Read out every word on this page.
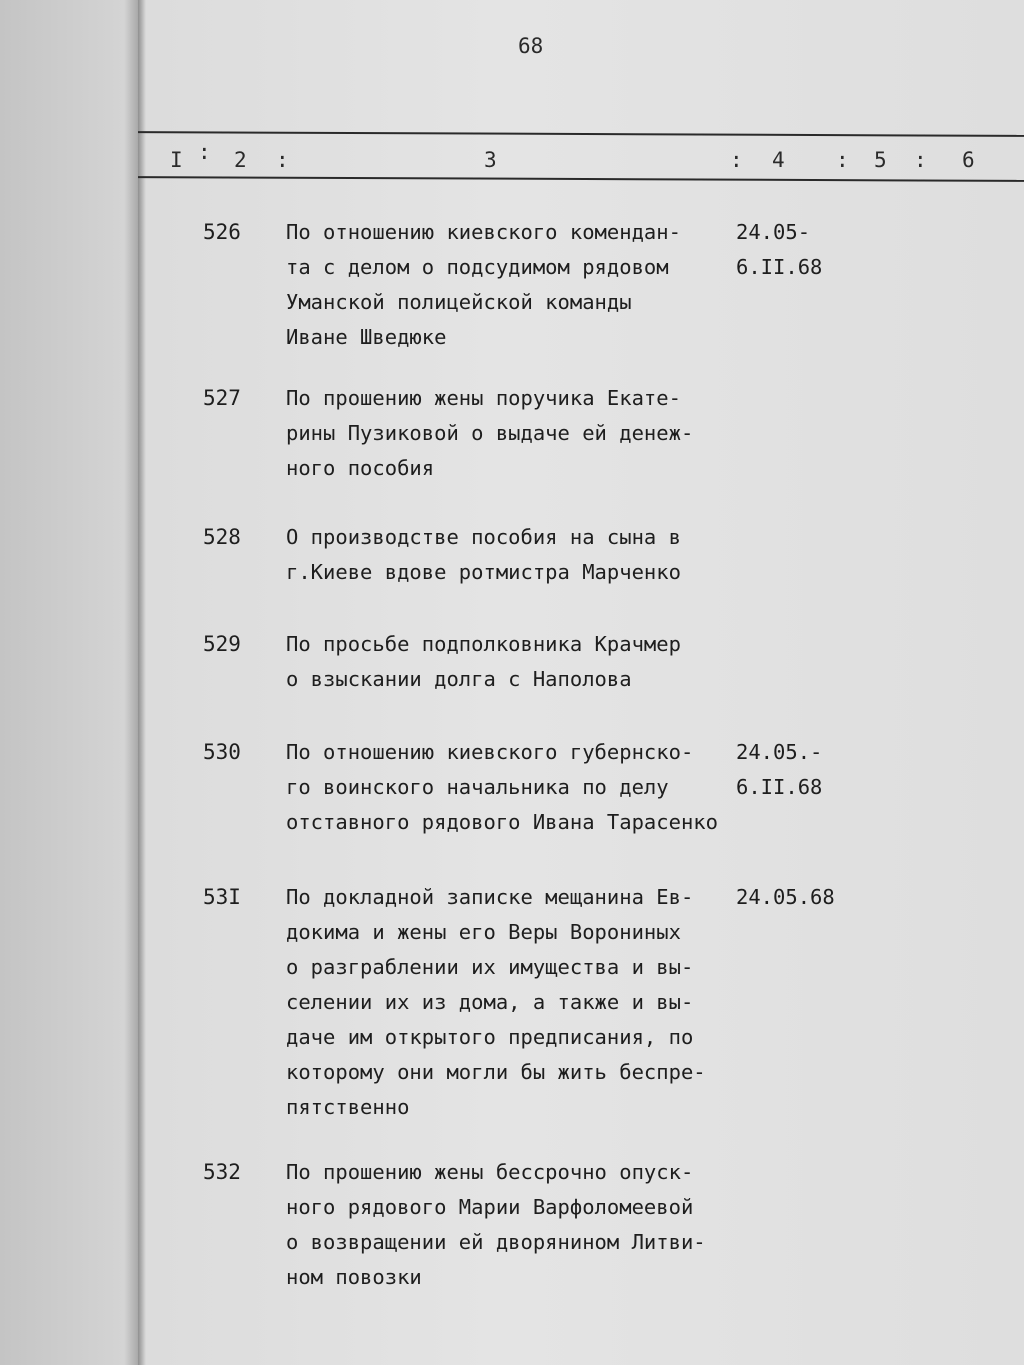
68
I : 2 :	3	: 4 : 5 : 6
526 По отношению киевского комендан-
та с делом о подсудимом рядовом
Уманской полицейской команды
Иване Шведюке
24.05-
6.II.68
527 По прошению жены поручика Екате-
рины Пузиковой о выдаче ей денеж-
ного пособия
528 О производстве пособия на сына в
г.Киеве вдове ротмистра Марченко
529 По просьбе подполковника Крачмер
о взыскании долга с Наполова
530 По отношению киевского губернско-
го воинского начальника по делу
отставного рядового Ивана Тарасенко
24.05.-
6.II.68
53I По докладной записке мещанина Ев-
докима и жены его Веры Ворониных
о разграблении их имущества и вы-
селении их из дома, а также и вы-
даче им открытого предписания, по
которому они могли бы жить беспре-
пятственно
24.05.68
532 По прошению жены бессрочно опуск-
ного рядового Марии Варфоломеевой
о возвращении ей дворянином Литви-
ном повозки
